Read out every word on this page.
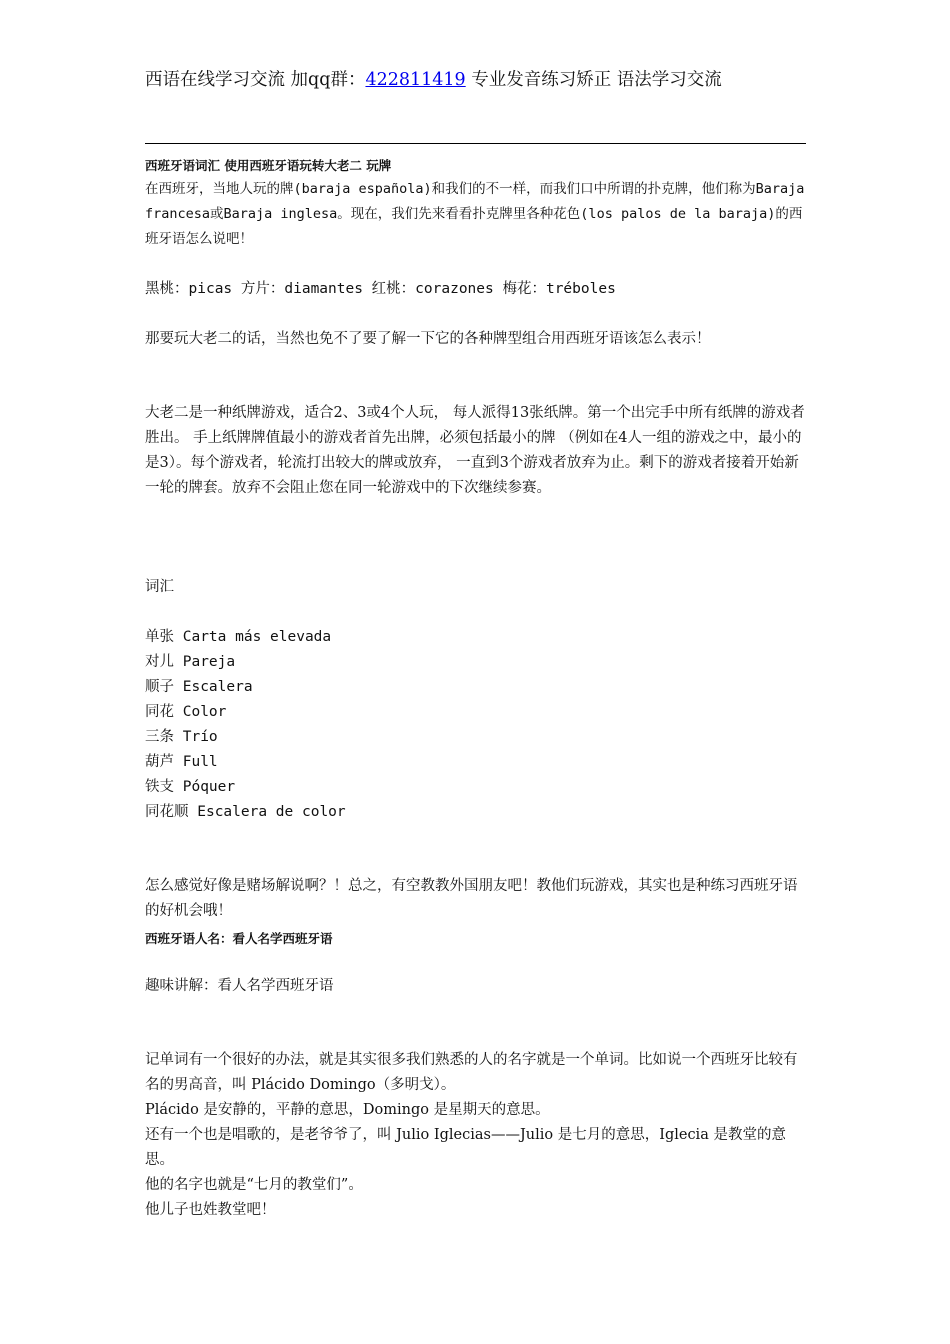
西语在线学习交流 加qq群：422811419 专业发音练习矫正 语法学习交流
西班牙语词汇 使用西班牙语玩转大老二 玩牌
在西班牙，当地人玩的牌(baraja española)和我们的不一样，而我们口中所谓的扑克牌，他们称为Baraja francesa或Baraja inglesa。现在，我们先来看看扑克牌里各种花色(los palos de la baraja)的西班牙语怎么说吧！
黑桃：picas 方片：diamantes 红桃：corazones 梅花：tréboles
那要玩大老二的话，当然也免不了要了解一下它的各种牌型组合用西班牙语该怎么表示！
大老二是一种纸牌游戏，适合2、3或4个人玩， 每人派得13张纸牌。第一个出完手中所有纸牌的游戏者胜出。 手上纸牌牌值最小的游戏者首先出牌，必须包括最小的牌 （例如在4人一组的游戏之中，最小的是3）。每个游戏者，轮流打出较大的牌或放弃， 一直到3个游戏者放弃为止。剩下的游戏者接着开始新一轮的牌套。放弃不会阻止您在同一轮游戏中的下次继续参赛。
词汇
单张 Carta más elevada
对儿 Pareja
顺子 Escalera
同花 Color
三条 Trío
葫芦 Full
铁支 Póquer
同花顺 Escalera de color
怎么感觉好像是赌场解说啊？！总之，有空教教外国朋友吧！教他们玩游戏，其实也是种练习西班牙语的好机会哦！
西班牙语人名：看人名学西班牙语
趣味讲解：看人名学西班牙语
记单词有一个很好的办法，就是其实很多我们熟悉的人的名字就是一个单词。比如说一个西班牙比较有名的男高音，叫 Plácido Domingo（多明戈）。
Plácido 是安静的，平静的意思，Domingo 是星期天的意思。
还有一个也是唱歌的，是老爷爷了，叫 Julio Iglecias——Julio 是七月的意思，Iglecia 是教堂的意思。
他的名字也就是“七月的教堂们”。
他儿子也姓教堂吧！
